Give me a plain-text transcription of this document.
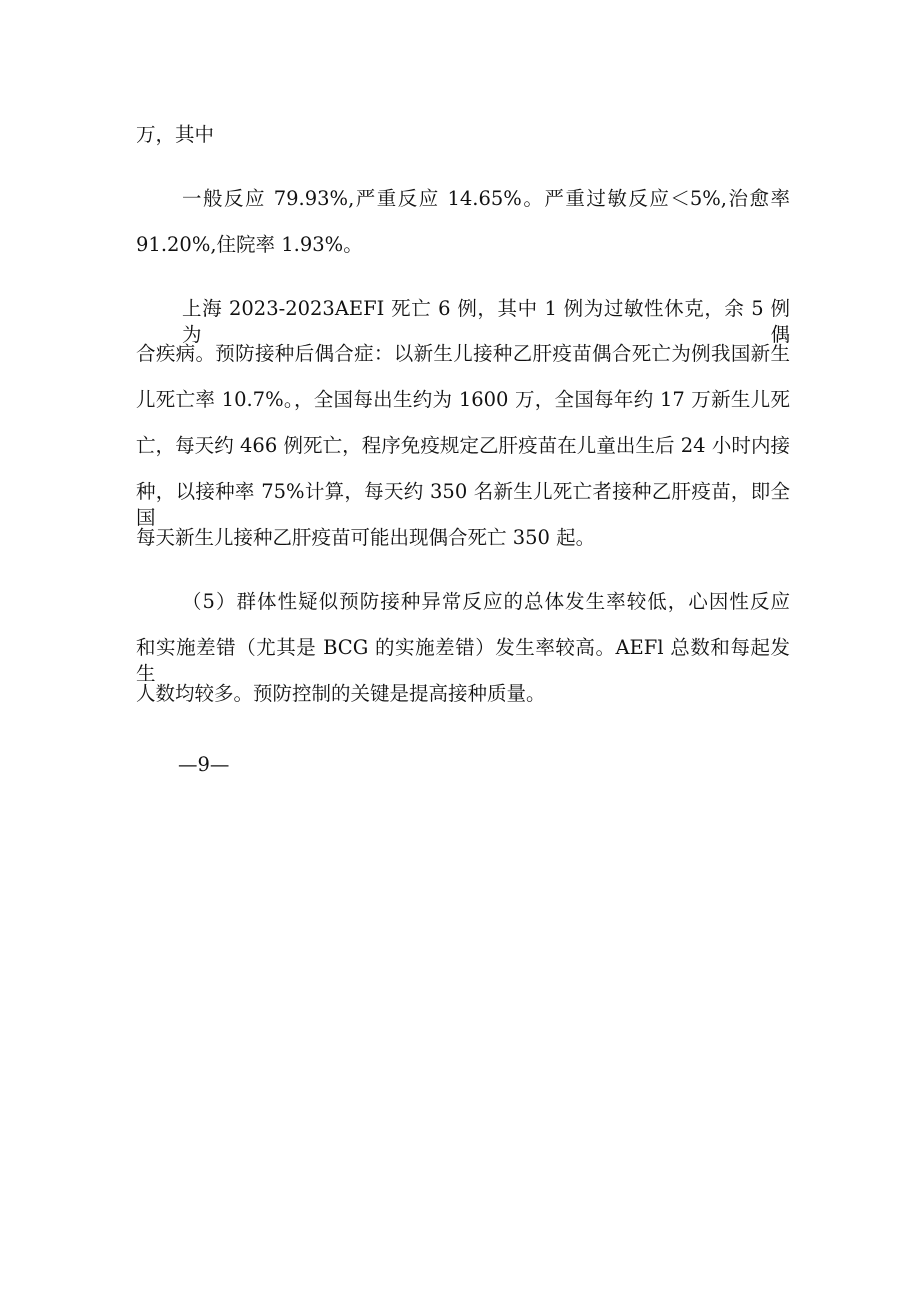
万，其中
一般反应 79.93%,严重反应 14.65%。严重过敏反应＜5%,治愈率
91.20%,住院率 1.93%。
上海 2023-2023AEFI 死亡 6 例，其中 1 例为过敏性休克，余 5 例为偶
合疾病。预防接种后偶合症：以新生儿接种乙肝疫苗偶合死亡为例我国新生
儿死亡率 10.7%。，全国每出生约为 1600 万，全国每年约 17 万新生儿死
亡，每天约 466 例死亡，程序免疫规定乙肝疫苗在儿童出生后 24 小时内接
种，以接种率 75%计算，每天约 350 名新生儿死亡者接种乙肝疫苗，即全国
每天新生儿接种乙肝疫苗可能出现偶合死亡 350 起。
（5）群体性疑似预防接种异常反应的总体发生率较低，心因性反应
和实施差错（尤其是 BCG 的实施差错）发生率较高。AEFl 总数和每起发生
人数均较多。预防控制的关键是提高接种质量。
—9—
